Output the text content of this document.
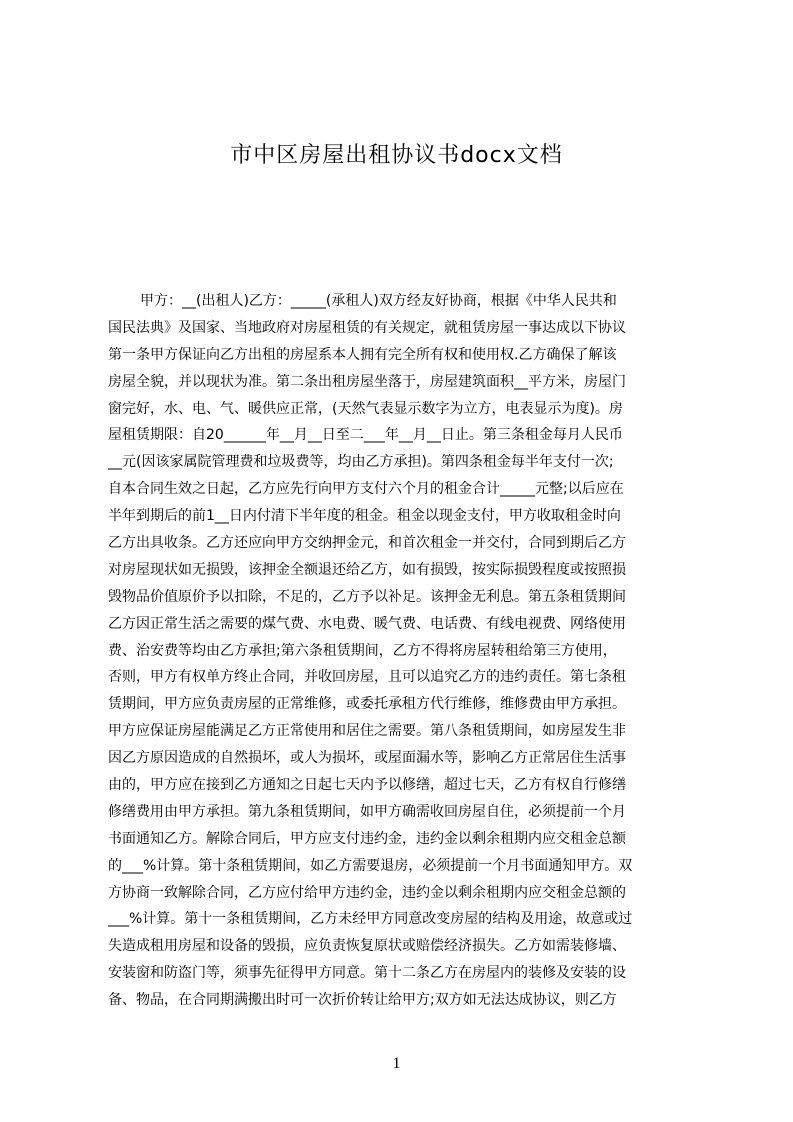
市中区房屋出租协议书docx文档
甲方：__(出租人)乙方：_____(承租人)双方经友好协商，根据《中华人民共和
国民法典》及国家、当地政府对房屋租赁的有关规定，就租赁房屋一事达成以下协议
第一条甲方保证向乙方出租的房屋系本人拥有完全所有权和使用权.乙方确保了解该
房屋全貌，并以现状为准。第二条出租房屋坐落于，房屋建筑面积__平方米，房屋门
窗完好，水、电、气、暖供应正常，(天然气表显示数字为立方，电表显示为度)。房
屋租赁期限：自20______年__月__日至二___年__月__日止。第三条租金每月人民币
__元(因该家属院管理费和垃圾费等，均由乙方承担)。第四条租金每半年支付一次;
自本合同生效之日起，乙方应先行向甲方支付六个月的租金合计_____元整;以后应在
半年到期后的前1__日内付清下半年度的租金。租金以现金支付，甲方收取租金时向
乙方出具收条。乙方还应向甲方交纳押金元，和首次租金一并交付，合同到期后乙方
对房屋现状如无损毁，该押金全额退还给乙方，如有损毁，按实际损毁程度或按照损
毁物品价值原价予以扣除，不足的，乙方予以补足。该押金无利息。第五条租赁期间
乙方因正常生活之需要的煤气费、水电费、暖气费、电话费、有线电视费、网络使用
费、治安费等均由乙方承担;第六条租赁期间，乙方不得将房屋转租给第三方使用，
否则，甲方有权单方终止合同，并收回房屋，且可以追究乙方的违约责任。第七条租
赁期间，甲方应负责房屋的正常维修，或委托承租方代行维修，维修费由甲方承担。
甲方应保证房屋能满足乙方正常使用和居住之需要。第八条租赁期间，如房屋发生非
因乙方原因造成的自然损坏，或人为损坏，或屋面漏水等，影响乙方正常居住生活事
由的，甲方应在接到乙方通知之日起七天内予以修缮，超过七天，乙方有权自行修缮
修缮费用由甲方承担。第九条租赁期间，如甲方确需收回房屋自住，必须提前一个月
书面通知乙方。解除合同后，甲方应支付违约金，违约金以剩余租期内应交租金总额
的___%计算。第十条租赁期间，如乙方需要退房，必须提前一个月书面通知甲方。双
方协商一致解除合同，乙方应付给甲方违约金，违约金以剩余租期内应交租金总额的
___%计算。第十一条租赁期间，乙方未经甲方同意改变房屋的结构及用途，故意或过
失造成租用房屋和设备的毁损，应负责恢复原状或赔偿经济损失。乙方如需装修墙、
安装窗和防盗门等，须事先征得甲方同意。第十二条乙方在房屋内的装修及安装的设
备、物品，在合同期满搬出时可一次折价转让给甲方;双方如无法达成协议，则乙方
1
